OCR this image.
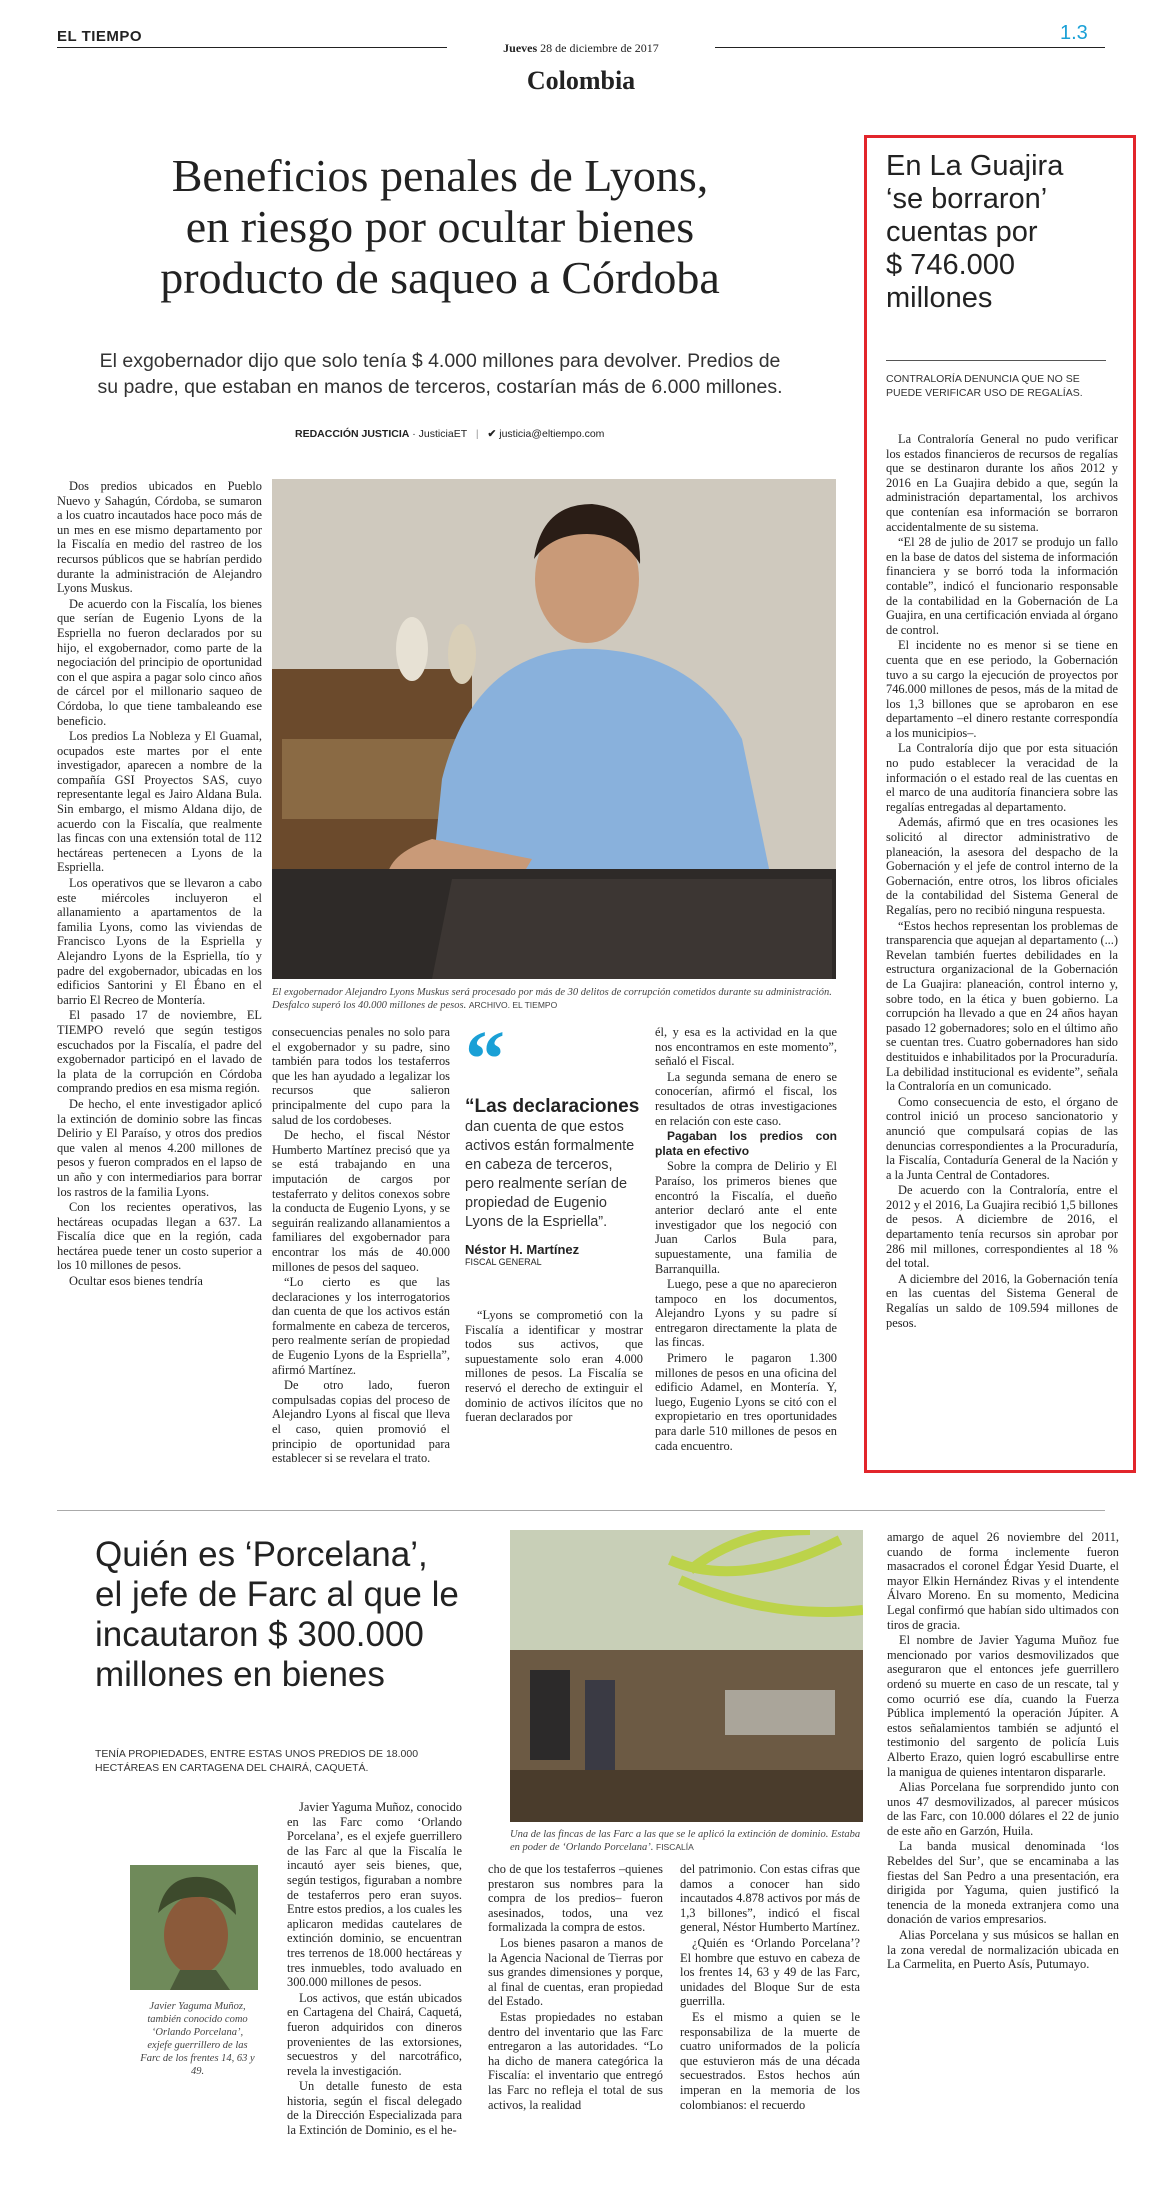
EL TIEMPO
Jueves 28 de diciembre de 2017
Colombia
1.3
Beneficios penales de Lyons,
en riesgo por ocultar bienes
producto de saqueo a Córdoba
El exgobernador dijo que solo tenía $ 4.000 millones para devolver. Predios de
su padre, que estaban en manos de terceros, costarían más de 6.000 millones.
REDACCIÓN JUSTICIA · JusticiaET | ✔ justicia@eltiempo.com
El exgobernador Alejandro Lyons Muskus será procesado por más de 30 delitos de corrupción cometidos durante su administración. Desfalco superó los 40.000 millones de pesos. ARCHIVO. EL TIEMPO

Dos predios ubicados en Pueblo Nuevo y Sahagún, Córdoba, se sumaron a los cuatro incautados hace poco más de un mes en ese mismo departamento por la Fiscalía en medio del rastreo de los recursos públicos que se habrían perdido durante la administración de Alejandro Lyons Muskus.

De acuerdo con la Fiscalía, los bienes que serían de Eugenio Lyons de la Espriella no fueron declarados por su hijo, el exgobernador, como parte de la negociación del principio de oportunidad con el que aspira a pagar solo cinco años de cárcel por el millonario saqueo de Córdoba, lo que tiene tambaleando ese beneficio.

Los predios La Nobleza y El Guamal, ocupados este martes por el ente investigador, aparecen a nombre de la compañía GSI Proyectos SAS, cuyo representante legal es Jairo Aldana Bula. Sin embargo, el mismo Aldana dijo, de acuerdo con la Fiscalía, que realmente las fincas con una extensión total de 112 hectáreas pertenecen a Lyons de la Espriella.

Los operativos que se llevaron a cabo este miércoles incluyeron el allanamiento a apartamentos de la familia Lyons, como las viviendas de Francisco Lyons de la Espriella y Alejandro Lyons de la Espriella, tío y padre del exgobernador, ubicadas en los edificios Santorini y El Ébano en el barrio El Recreo de Montería.

El pasado 17 de noviembre, EL TIEMPO reveló que según testigos escuchados por la Fiscalía, el padre del exgobernador participó en el lavado de la plata de la corrupción en Córdoba comprando predios en esa misma región.

De hecho, el ente investigador aplicó la extinción de dominio sobre las fincas Delirio y El Paraíso, y otros dos predios que valen al menos 4.200 millones de pesos y fueron comprados en el lapso de un año y con intermediarios para borrar los rastros de la familia Lyons.

Con los recientes operativos, las hectáreas ocupadas llegan a 637. La Fiscalía dice que en la región, cada hectárea puede tener un costo superior a los 10 millones de pesos.

Ocultar esos bienes tendría

consecuencias penales no solo para el exgobernador y su padre, sino también para todos los testaferros que les han ayudado a legalizar los recursos que salieron principalmente del cupo para la salud de los cordobeses.

De hecho, el fiscal Néstor Humberto Martínez precisó que ya se está trabajando en una imputación de cargos por testaferrato y delitos conexos sobre la conducta de Eugenio Lyons, y se seguirán realizando allanamientos a familiares del exgobernador para encontrar los más de 40.000 millones de pesos del saqueo.

“Lo cierto es que las declaraciones y los interrogatorios dan cuenta de que los activos están formalmente en cabeza de terceros, pero realmente serían de propiedad de Eugenio Lyons de la Espriella”, afirmó Martínez.

De otro lado, fueron compulsadas copias del proceso de Alejandro Lyons al fiscal que lleva el caso, quien promovió el principio de oportunidad para establecer si se revelara el trato.

“
“Las declaraciones
dan cuenta de que estos activos están formalmente en cabeza de terceros, pero realmente serían de propiedad de Eugenio Lyons de la Espriella”.
Néstor H. Martínez
FISCAL GENERAL

“Lyons se comprometió con la Fiscalía a identificar y mostrar todos sus activos, que supuestamente solo eran 4.000 millones de pesos. La Fiscalía se reservó el derecho de extinguir el dominio de activos ilícitos que no fueran declarados por

él, y esa es la actividad en la que nos encontramos en este momento”, señaló el Fiscal.

La segunda semana de enero se conocerían, afirmó el fiscal, los resultados de otras investigaciones en relación con este caso.

Pagaban los predios con plata en efectivo

Sobre la compra de Delirio y El Paraíso, los primeros bienes que encontró la Fiscalía, el dueño anterior declaró ante el ente investigador que los negoció con Juan Carlos Bula para, supuestamente, una familia de Barranquilla.

Luego, pese a que no aparecieron tampoco en los documentos, Alejandro Lyons y su padre sí entregaron directamente la plata de las fincas.

Primero le pagaron 1.300 millones de pesos en una oficina del edificio Adamel, en Montería. Y, luego, Eugenio Lyons se citó con el expropietario en tres oportunidades para darle 510 millones de pesos en cada encuentro.

En La Guajira
‘se borraron’
cuentas por
$ 746.000
millones
CONTRALORÍA DENUNCIA QUE NO SE
PUEDE VERIFICAR USO DE REGALÍAS.

La Contraloría General no pudo verificar los estados financieros de recursos de regalías que se destinaron durante los años 2012 y 2016 en La Guajira debido a que, según la administración departamental, los archivos que contenían esa información se borraron accidentalmente de su sistema.

“El 28 de julio de 2017 se produjo un fallo en la base de datos del sistema de información financiera y se borró toda la información contable”, indicó el funcionario responsable de la contabilidad en la Gobernación de La Guajira, en una certificación enviada al órgano de control.

El incidente no es menor si se tiene en cuenta que en ese periodo, la Gobernación tuvo a su cargo la ejecución de proyectos por 746.000 millones de pesos, más de la mitad de los 1,3 billones que se aprobaron en ese departamento –el dinero restante correspondía a los municipios–.

La Contraloría dijo que por esta situación no pudo establecer la veracidad de la información o el estado real de las cuentas en el marco de una auditoría financiera sobre las regalías entregadas al departamento.

Además, afirmó que en tres ocasiones les solicitó al director administrativo de planeación, la asesora del despacho de la Gobernación y el jefe de control interno de la Gobernación, entre otros, los libros oficiales de la contabilidad del Sistema General de Regalías, pero no recibió ninguna respuesta.

“Estos hechos representan los problemas de transparencia que aquejan al departamento (...) Revelan también fuertes debilidades en la estructura organizacional de la Gobernación de La Guajira: planeación, control interno y, sobre todo, en la ética y buen gobierno. La corrupción ha llevado a que en 24 años hayan pasado 12 gobernadores; solo en el último año se cuentan tres. Cuatro gobernadores han sido destituidos e inhabilitados por la Procuraduría. La debilidad institucional es evidente”, señala la Contraloría en un comunicado.

Como consecuencia de esto, el órgano de control inició un proceso sancionatorio y anunció que compulsará copias de las denuncias correspondientes a la Procuraduría, la Fiscalía, Contaduría General de la Nación y a la Junta Central de Contadores.

De acuerdo con la Contraloría, entre el 2012 y el 2016, La Guajira recibió 1,5 billones de pesos. A diciembre de 2016, el departamento tenía recursos sin aprobar por 286 mil millones, correspondientes al 18 % del total.

A diciembre del 2016, la Gobernación tenía en las cuentas del Sistema General de Regalías un saldo de 109.594 millones de pesos.

Quién es ‘Porcelana’,
el jefe de Farc al que le
incautaron $ 300.000
millones en bienes
TENÍA PROPIEDADES, ENTRE ESTAS UNOS PREDIOS DE 18.000
HECTÁREAS EN CARTAGENA DEL CHAIRÁ, CAQUETÁ.
Javier Yaguma Muñoz, también conocido como ‘Orlando Porcelana’, exjefe guerrillero de las Farc de los frentes 14, 63 y 49.
Una de las fincas de las Farc a las que se le aplicó la extinción de dominio. Estaba en poder de ‘Orlando Porcelana’. FISCALÍA

Javier Yaguma Muñoz, conocido en las Farc como ‘Orlando Porcelana’, es el exjefe guerrillero de las Farc al que la Fiscalía le incautó ayer seis bienes, que, según testigos, figuraban a nombre de testaferros pero eran suyos. Entre estos predios, a los cuales les aplicaron medidas cautelares de extinción dominio, se encuentran tres terrenos de 18.000 hectáreas y tres inmuebles, todo avaluado en 300.000 millones de pesos.

Los activos, que están ubicados en Cartagena del Chairá, Caquetá, fueron adquiridos con dineros provenientes de las extorsiones, secuestros y del narcotráfico, revela la investigación.

Un detalle funesto de esta historia, según el fiscal delegado de la Dirección Especializada para la Extinción de Dominio, es el he-

cho de que los testaferros –quienes prestaron sus nombres para la compra de los predios– fueron asesinados, todos, una vez formalizada la compra de estos.

Los bienes pasaron a manos de la Agencia Nacional de Tierras por sus grandes dimensiones y porque, al final de cuentas, eran propiedad del Estado.

Estas propiedades no estaban dentro del inventario que las Farc entregaron a las autoridades. “Lo ha dicho de manera categórica la Fiscalía: el inventario que entregó las Farc no refleja el total de sus activos, la realidad

del patrimonio. Con estas cifras que damos a conocer han sido incautados 4.878 activos por más de 1,3 billones”, indicó el fiscal general, Néstor Humberto Martínez.

¿Quién es ‘Orlando Porcelana’? El hombre que estuvo en cabeza de los frentes 14, 63 y 49 de las Farc, unidades del Bloque Sur de esta guerrilla.

Es el mismo a quien se le responsabiliza de la muerte de cuatro uniformados de la policía que estuvieron más de una década secuestrados. Estos hechos aún imperan en la memoria de los colombianos: el recuerdo

amargo de aquel 26 noviembre del 2011, cuando de forma inclemente fueron masacrados el coronel Édgar Yesid Duarte, el mayor Elkin Hernández Rivas y el intendente Álvaro Moreno. En su momento, Medicina Legal confirmó que habían sido ultimados con tiros de gracia.

El nombre de Javier Yaguma Muñoz fue mencionado por varios desmovilizados que aseguraron que el entonces jefe guerrillero ordenó su muerte en caso de un rescate, tal y como ocurrió ese día, cuando la Fuerza Pública implementó la operación Júpiter. A estos señalamientos también se adjuntó el testimonio del sargento de policía Luis Alberto Erazo, quien logró escabullirse entre la manigua de quienes intentaron dispararle.

Alias Porcelana fue sorprendido junto con unos 47 desmovilizados, al parecer músicos de las Farc, con 10.000 dólares el 22 de junio de este año en Garzón, Huila.

La banda musical denominada ‘los Rebeldes del Sur’, que se encaminaba a las fiestas del San Pedro a una presentación, era dirigida por Yaguma, quien justificó la tenencia de la moneda extranjera como una donación de varios empresarios.

Alias Porcelana y sus músicos se hallan en la zona veredal de normalización ubicada en La Carmelita, en Puerto Asís, Putumayo.
